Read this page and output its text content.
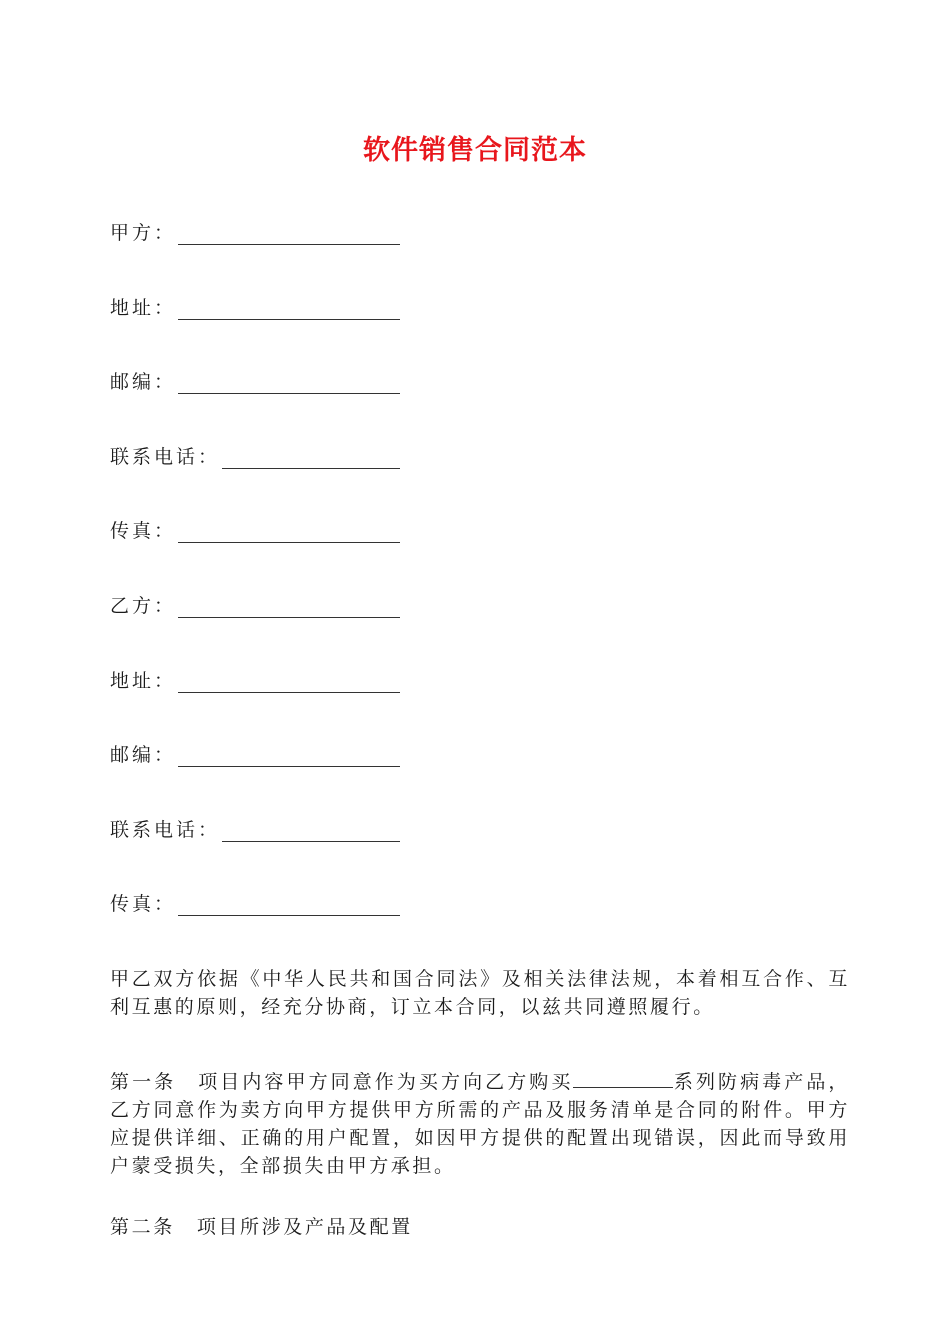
软件销售合同范本
甲方：
地址：
邮编：
联系电话：
传真：
乙方：
地址：
邮编：
联系电话：
传真：
甲乙双方依据《中华人民共和国合同法》及相关法律法规，本着相互合作、互利互惠的原则，经充分协商，订立本合同，以兹共同遵照履行。
第一条 项目内容甲方同意作为买方向乙方购买	系列防病毒产品，乙方同意作为卖方向甲方提供甲方所需的产品及服务清单是合同的附件。甲方应提供详细、正确的用户配置，如因甲方提供的配置出现错误，因此而导致用户蒙受损失，全部损失由甲方承担。
第二条 项目所涉及产品及配置
